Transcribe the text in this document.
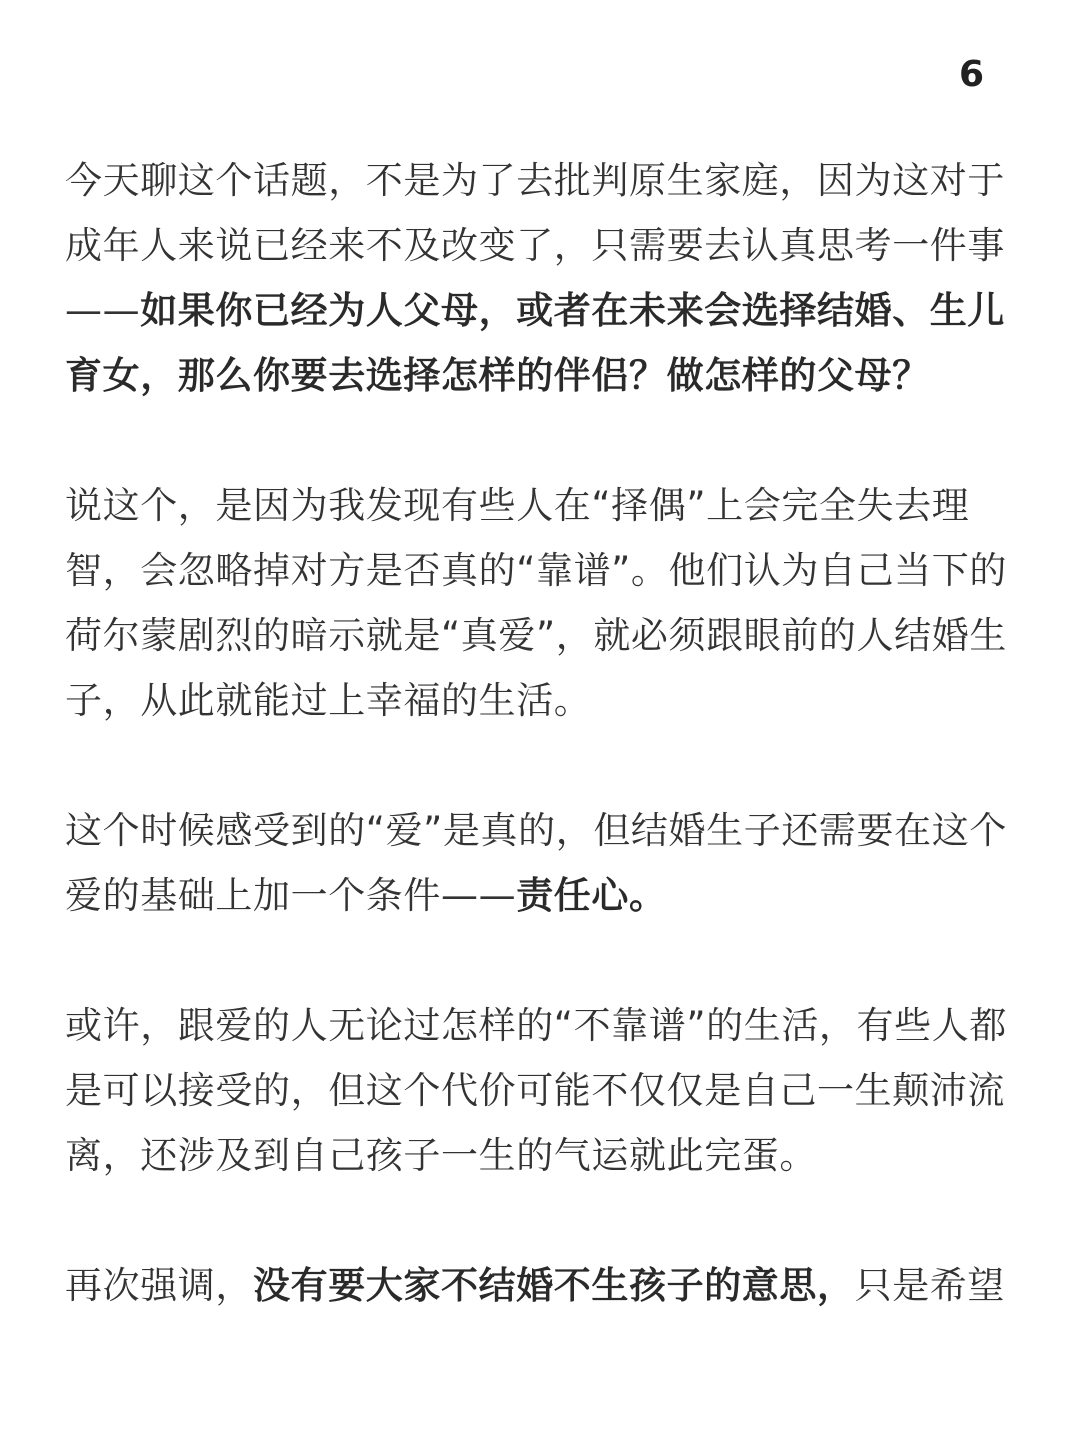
6

今天聊这个话题，不是为了去批判原生家庭，因为这对于成年人来说已经来不及改变了，只需要去认真思考一件事——如果你已经为人父母，或者在未来会选择结婚、生儿育女，那么你要去选择怎样的伴侣？做怎样的父母？

说这个，是因为我发现有些人在“择偶”上会完全失去理智，会忽略掉对方是否真的“靠谱”。他们认为自己当下的荷尔蒙剧烈的暗示就是“真爱”，就必须跟眼前的人结婚生子，从此就能过上幸福的生活。

这个时候感受到的“爱”是真的，但结婚生子还需要在这个爱的基础上加一个条件——责任心。

或许，跟爱的人无论过怎样的“不靠谱”的生活，有些人都是可以接受的，但这个代价可能不仅仅是自己一生颠沛流离，还涉及到自己孩子一生的气运就此完蛋。

再次强调，没有要大家不结婚不生孩子的意思，只是希望
